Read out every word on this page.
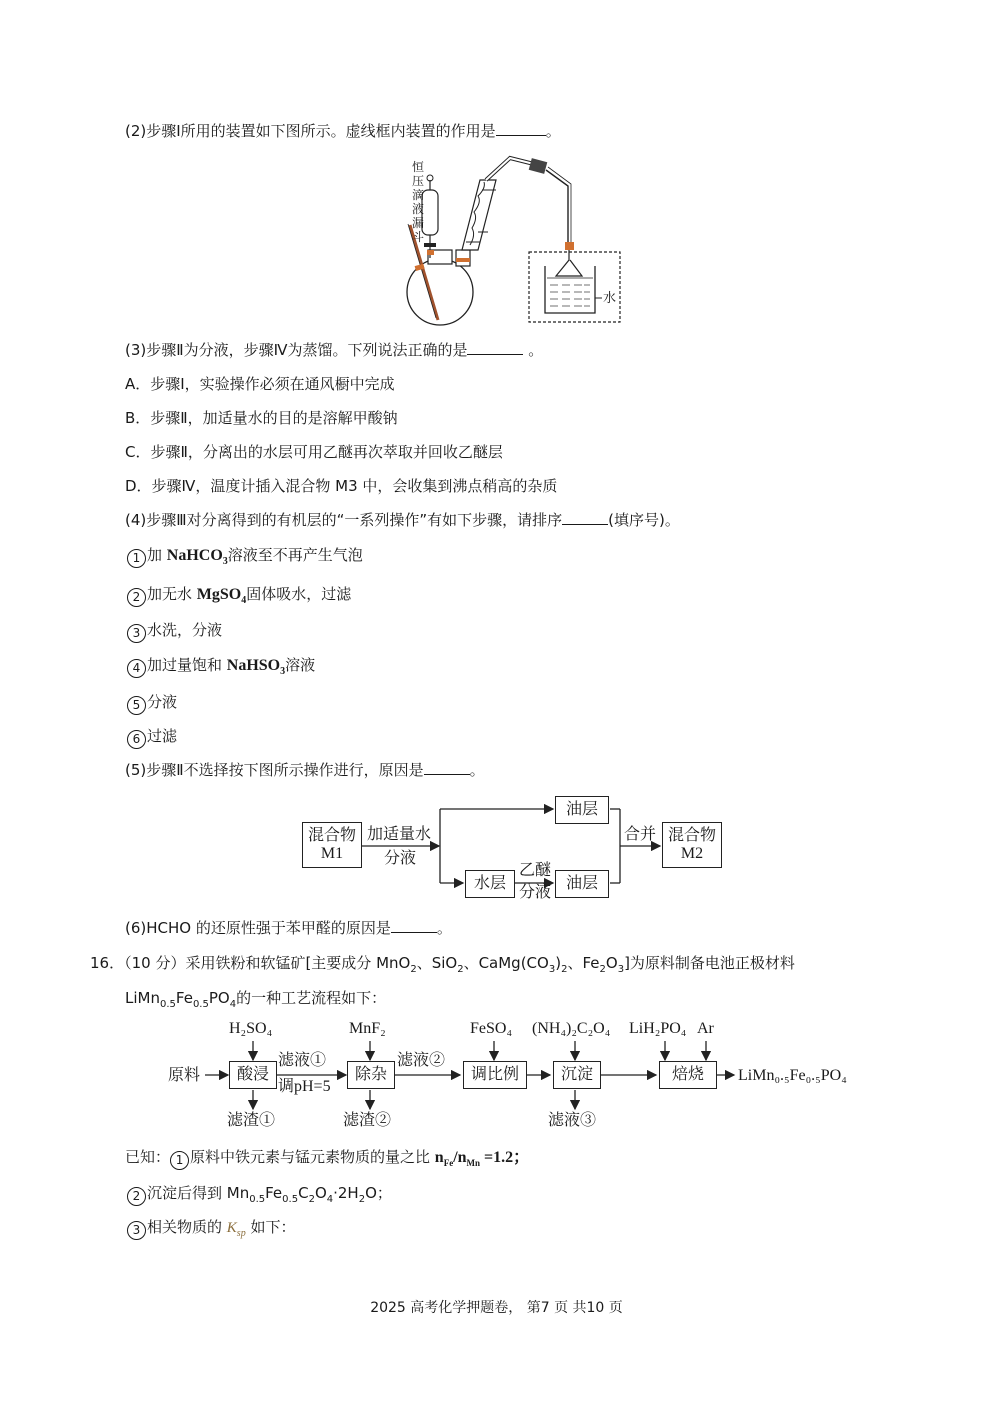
(2)步骤Ⅰ所用的装置如下图所示。虚线框内装置的作用是	。
水
恒
压
滴
液
漏
斗
(3)步骤Ⅱ为分液，步骤Ⅳ为蒸馏。下列说法正确的是	。
A．步骤Ⅰ，实验操作必须在通风橱中完成
B．步骤Ⅱ，加适量水的目的是溶解甲酸钠
C．步骤Ⅱ，分离出的水层可用乙醚再次萃取并回收乙醚层
D．步骤Ⅳ，温度计插入混合物 M3 中，会收集到沸点稍高的杂质
(4)步骤Ⅲ对分离得到的有机层的“一系列操作”有如下步骤，请排序	(填序号)。
1 加 NaHCO$_3$溶液至不再产生气泡
2 加无水 MgSO$_4$固体吸水，过滤
3 水洗，分液
4 加过量饱和 NaHSO$_3$溶液
5 分液
6 过滤
(5)步骤Ⅱ不选择按下图所示操作进行，原因是	。
混合物
M1
加适量水
分液
油层
水层
乙醚
分液
油层
合并 混合物
M2
(6)HCHO 的还原性强于苯甲醛的原因是	。
16．（10 分）采用铁粉和软锰矿[主要成分 MnO$_2$、SiO$_2$、$CaMg(CO_3)_2$、$Fe_2O_3$]为原料制备电池正极材料
$LiMn_{0.5}Fe_{0.5}PO_4$的一种工艺流程如下：
原料	酸浸
H₂SO₄
滤渣①
滤液①
调pH=5
除杂
MnF₂
滤渣②
滤液②
调比例
FeSO₄
沉淀
(NH₄)₂C₂O₄
滤液③
焙烧
LiH₂PO₄ Ar
LiMn₀.₅Fe₀.₅PO₄
已知： 1 原料中铁元素与锰元素物质的量之比 $n_{Fe}/n_{Mn} =1.2$；
2 沉淀后得到 $Mn_{0.5}Fe_{0.5}C_2O_4\cdot 2H_2O$；
3 相关物质的 $K_{sp}$ 如下：
2025 高考化学押题卷， 第7 页 共10 页
